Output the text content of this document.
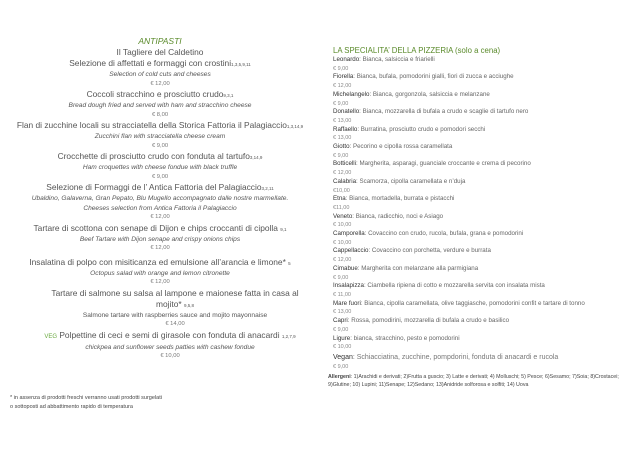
ANTIPASTI
Il Tagliere del Caldetino
Selezione di affettati e formaggi con crostini1,3,5,9,11
Selection of cold cuts and cheeses
€ 12,00
Coccoli stracchino e prosciutto crudo9,3,1
Bread dough fried and served with ham and stracchino cheese
€ 8,00
Flan di zucchine locali su stracciatella della Storica Fattoria il Palagiaccio1,3,14,9
Zucchini flan with stracciatella cheese cream
€ 9,00
Crocchette di prosciutto crudo con fonduta al tartufo3,14,9
Ham croquettes with cheese fondue with black truffle
€ 9,00
Selezione di Formaggi de l’ Antica Fattoria del Palagiaccio3,2,11
Ubaldino, Galaverna, Gran Pepato, Blu Mugello accompagnato dalle nostre marmellate.
Cheeses selection from Antica Fattoria il Palagiaccio
€ 12,00
Tartare di scottona con senape di Dijon e chips croccanti di cipolla 9,1
Beef Tartare with Dijon senape and crispy onions chips
€ 12,00
Insalatina di polpo con misiticanza ed emulsione all’arancia e limone* 5
Octopus salad with orange and lemon citronette
€ 12,00
Tartare di salmone su salsa al lampone e maionese fatta in casa al
mojito* 9,5,8
Salmone tartare with raspberries sauce and mojito mayonnaise
€ 14,00
VEG Polpettine di ceci e semi di girasole con fonduta di anacardi 1,2,7,9
chickpea and sunflower seeds patties with cashew fondue
€ 10,00
* in assenza di prodotti freschi verranno usati prodotti surgelati
o sottoposti ad abbattimento rapido di temperatura
LA SPECIALITA’ DELLA PIZZERIA (solo a cena)
Leonardo: Bianca, salsiccia e friarielli
€ 9,00
Fiorella: Bianca, bufala, pomodorini gialli, fiori di zucca e acciughe
€ 12,00
Michelangelo: Bianca, gorgonzola, salsiccia e melanzane
€ 9,00
Donatello: Bianca, mozzarella di bufala a crudo e scaglie di tartufo nero
€ 13,00
Raffaello: Burratina, prosciutto crudo e pomodori secchi
€ 13,00
Giotto: Pecorino e cipolla rossa caramellata
€ 9,00
Botticelli: Margherita, asparagi, guanciale croccante e crema di pecorino
€ 12,00
Calabria: Scamorza, cipolla caramellata e n’duja
€10,00
Etna: Bianca, mortadella, burrata e pistacchi
€11,00
Veneto: Bianca, radicchio, noci e Asiago
€ 10,00
Camporella: Covaccino con crudo, rucola, bufala, grana e pomodorini
€ 10,00
Cappellaccio: Covaccino con porchetta, verdure e burrata
€ 12,00
Cimabue: Margherita con melanzane alla parmigiana
€ 9,00
Insalapizza: Ciambella ripiena di cotto e mozzarella servita con insalata mista
€ 11,00
Mare fuori: Bianca, cipolla caramellata, olive taggiasche, pomodorini confit e tartare di tonno
€ 13,00
Capri: Rossa, pomodirini, mozzarella di bufala a crudo e basilico
€ 9,00
Ligure: bianca, stracchino, pesto e pomodorini
€ 10,00
Vegan: Schiacciatina, zucchine, pompdorini, fonduta di anacardi e rucola
€ 9,00
Allergeni: 1)Arachidi e derivati; 2)Frutta a guscio; 3) Latte e derivati; 4) Molluschi; 5) Pesce; 6)Sesamo; 7)Soia; 8)Crostacei; 9)Glutine; 10) Lupini; 11)Senape; 12)Sedano; 13)Anidride solforosa e solfiti; 14) Uova
